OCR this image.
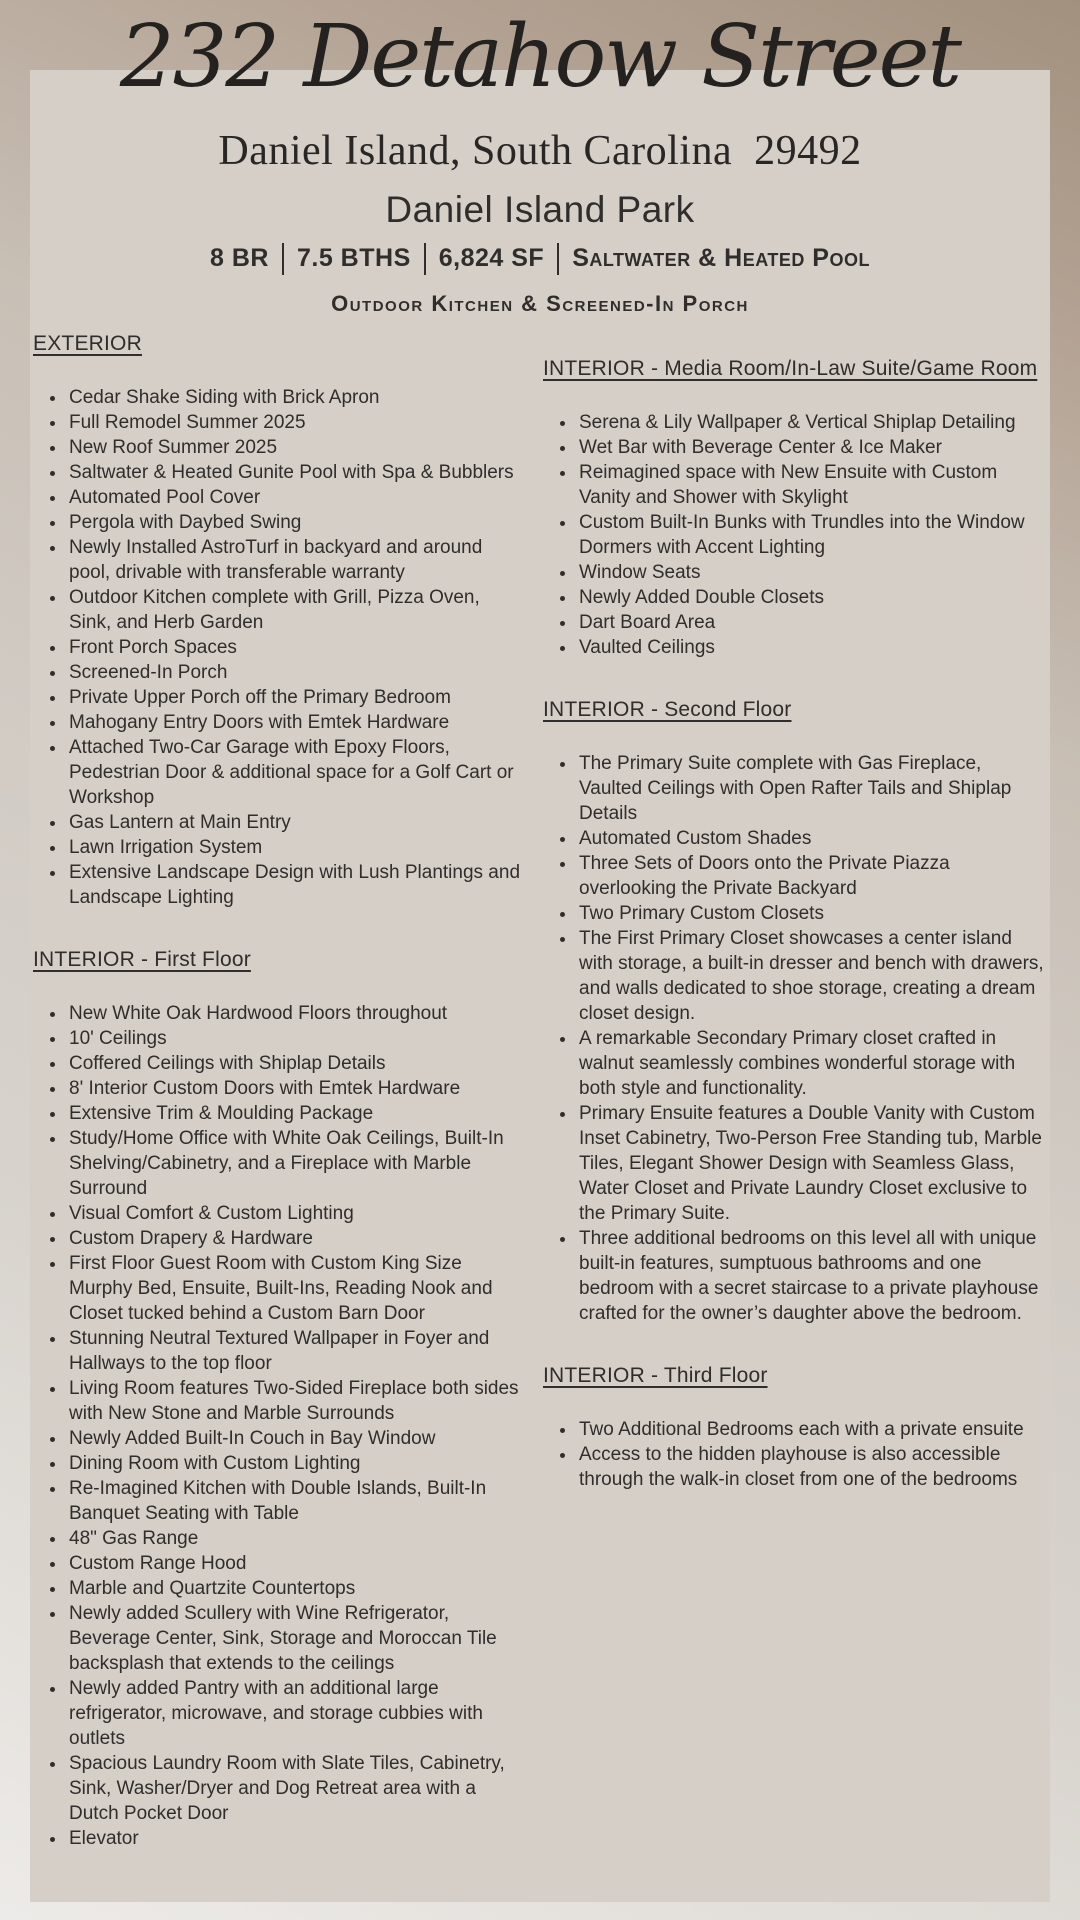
232 Detahow Street
Daniel Island, South Carolina  29492
Daniel Island Park
8 BR 7.5 BTHS 6,824 SF Saltwater & Heated Pool
Outdoor Kitchen & Screened-In Porch
EXTERIOR
• Cedar Shake Siding with Brick Apron
• Full Remodel Summer 2025
• New Roof Summer 2025
• Saltwater & Heated Gunite Pool with Spa & Bubblers
• Automated Pool Cover
• Pergola with Daybed Swing
• Newly Installed AstroTurf in backyard and around pool, drivable with transferable warranty
• Outdoor Kitchen complete with Grill, Pizza Oven, Sink, and Herb Garden
• Front Porch Spaces
• Screened-In Porch
• Private Upper Porch off the Primary Bedroom
• Mahogany Entry Doors with Emtek Hardware
• Attached Two-Car Garage with Epoxy Floors, Pedestrian Door & additional space for a Golf Cart or Workshop
• Gas Lantern at Main Entry
• Lawn Irrigation System
• Extensive Landscape Design with Lush Plantings and Landscape Lighting
INTERIOR - First Floor
• New White Oak Hardwood Floors throughout
• 10' Ceilings
• Coffered Ceilings with Shiplap Details
• 8' Interior Custom Doors with Emtek Hardware
• Extensive Trim & Moulding Package
• Study/Home Office with White Oak Ceilings, Built-In Shelving/Cabinetry, and a Fireplace with Marble Surround
• Visual Comfort & Custom Lighting
• Custom Drapery & Hardware
• First Floor Guest Room with Custom King Size Murphy Bed, Ensuite, Built-Ins, Reading Nook and Closet tucked behind a Custom Barn Door
• Stunning Neutral Textured Wallpaper in Foyer and Hallways to the top floor
• Living Room features Two-Sided Fireplace both sides with New Stone and Marble Surrounds
• Newly Added Built-In Couch in Bay Window
• Dining Room with Custom Lighting
• Re-Imagined Kitchen with Double Islands, Built-In Banquet Seating with Table
• 48" Gas Range
• Custom Range Hood
• Marble and Quartzite Countertops
• Newly added Scullery with Wine Refrigerator, Beverage Center, Sink, Storage and Moroccan Tile backsplash that extends to the ceilings
• Newly added Pantry with an additional large refrigerator, microwave, and storage cubbies with outlets
• Spacious Laundry Room with Slate Tiles, Cabinetry, Sink, Washer/Dryer and Dog Retreat area with a Dutch Pocket Door
• Elevator
INTERIOR - Media Room/In-Law Suite/Game Room
• Serena & Lily Wallpaper & Vertical Shiplap Detailing
• Wet Bar with Beverage Center & Ice Maker
• Reimagined space with New Ensuite with Custom Vanity and Shower with Skylight
• Custom Built-In Bunks with Trundles into the Window Dormers with Accent Lighting
• Window Seats
• Newly Added Double Closets
• Dart Board Area
• Vaulted Ceilings
INTERIOR - Second Floor
• The Primary Suite complete with Gas Fireplace, Vaulted Ceilings with Open Rafter Tails and Shiplap Details
• Automated Custom Shades
• Three Sets of Doors onto the Private Piazza overlooking the Private Backyard
• Two Primary Custom Closets
• The First Primary Closet showcases a center island with storage, a built-in dresser and bench with drawers, and walls dedicated to shoe storage, creating a dream closet design.
• A remarkable Secondary Primary closet crafted in walnut seamlessly combines wonderful storage with both style and functionality.
• Primary Ensuite features a Double Vanity with Custom Inset Cabinetry, Two-Person Free Standing tub, Marble Tiles, Elegant Shower Design with Seamless Glass, Water Closet and Private Laundry Closet exclusive to the Primary Suite.
• Three additional bedrooms on this level all with unique built-in features, sumptuous bathrooms and one bedroom with a secret staircase to a private playhouse crafted for the owner’s daughter above the bedroom.
INTERIOR - Third Floor
• Two Additional Bedrooms each with a private ensuite
• Access to the hidden playhouse is also accessible through the walk-in closet from one of the bedrooms
